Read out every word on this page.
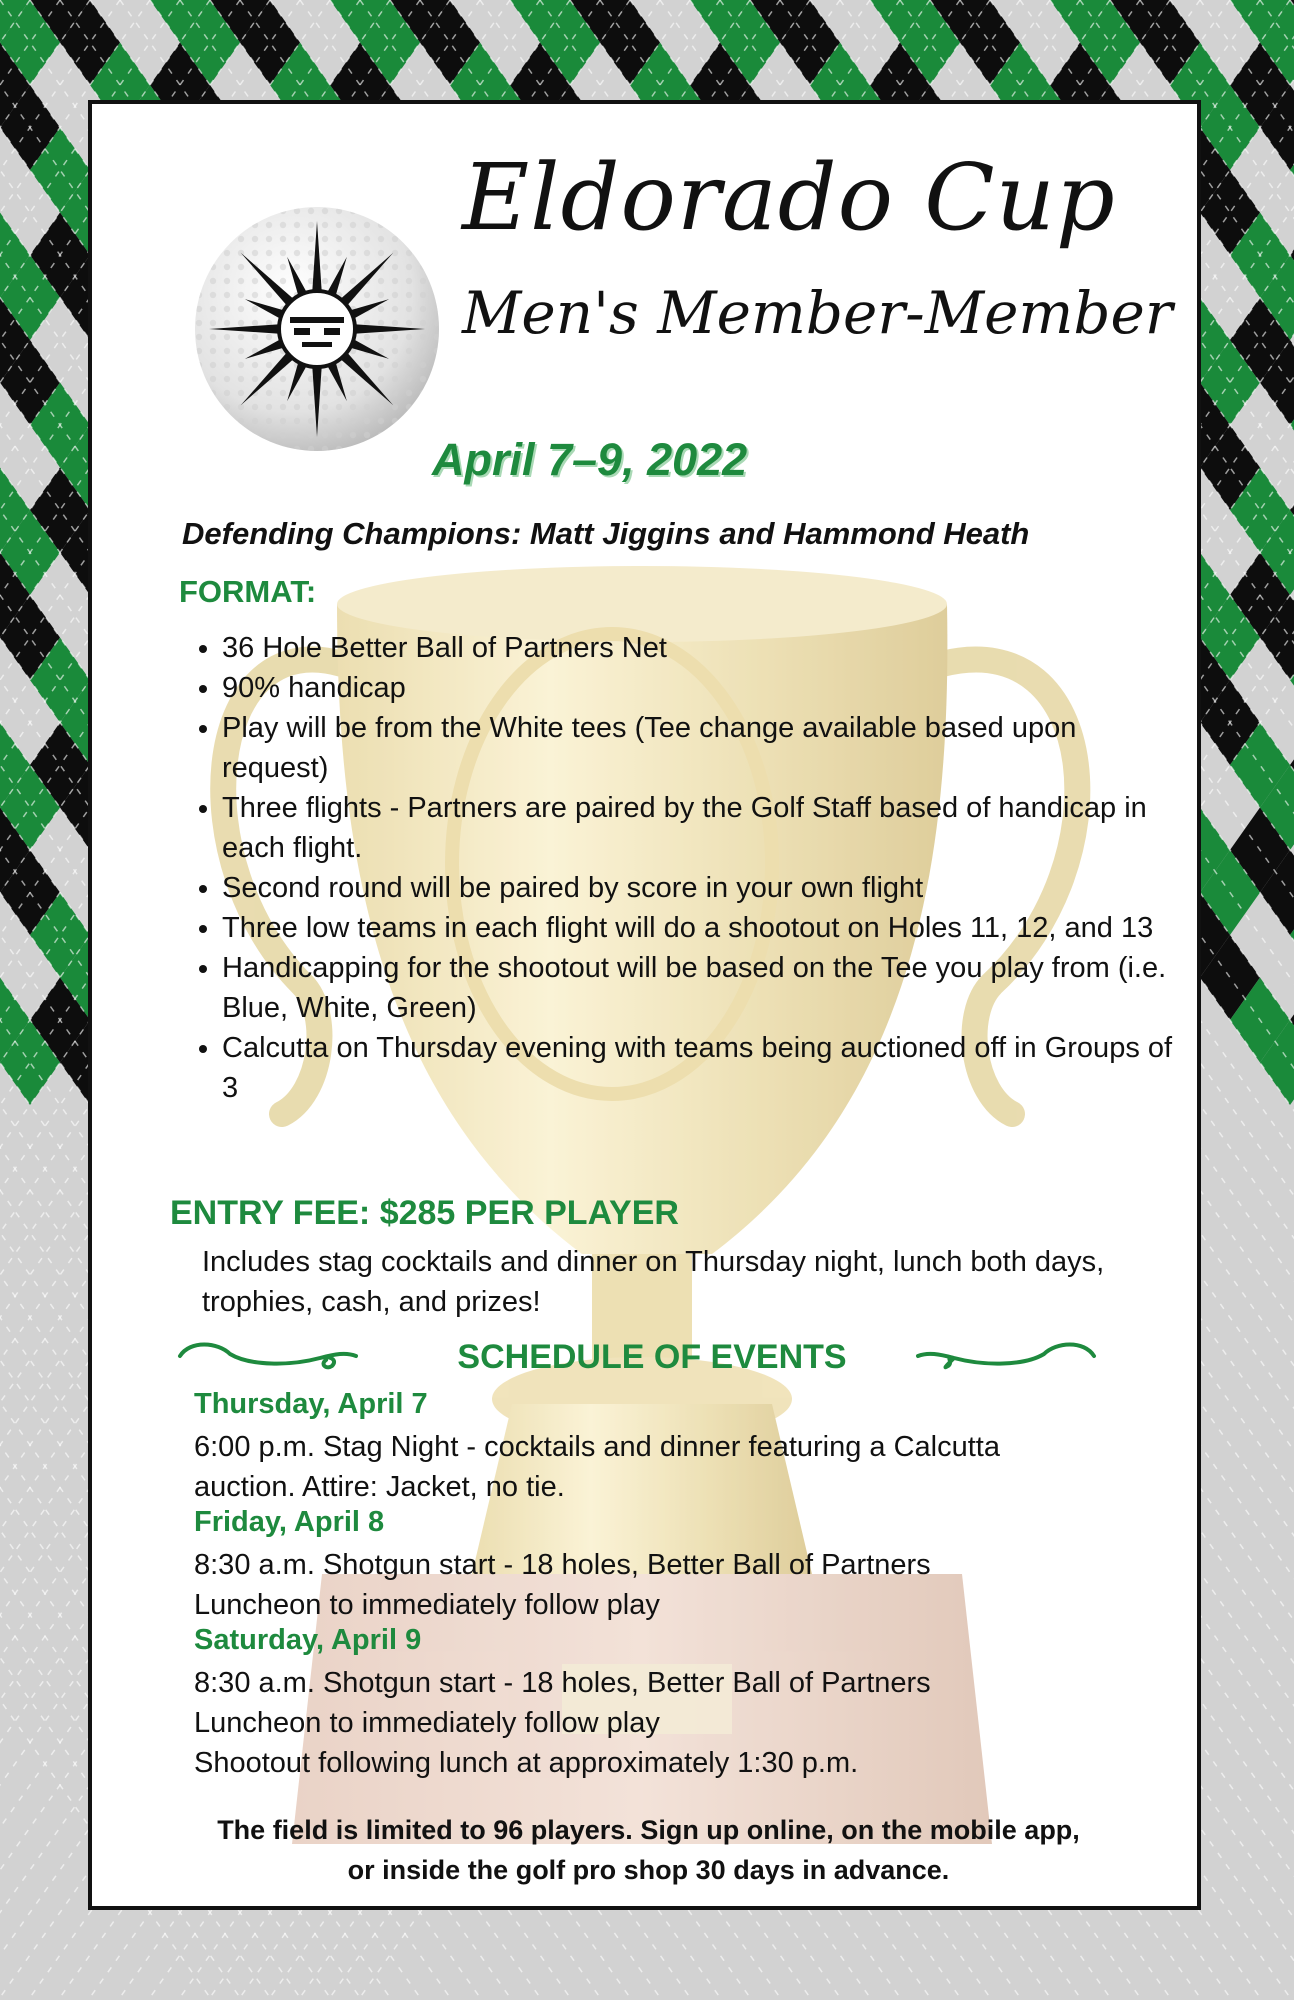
Eldorado Cup
Men's Member-Member
April 7–9, 2022
Defending Champions: Matt Jiggins and Hammond Heath
FORMAT:
• 36 Hole Better Ball of Partners Net
• 90% handicap
• Play will be from the White tees (Tee change available based upon request)
• Three flights - Partners are paired by the Golf Staff based of handicap in each flight.
• Second round will be paired by score in your own flight
• Three low teams in each flight will do a shootout on Holes 11, 12, and 13
• Handicapping for the shootout will be based on the Tee you play from (i.e. Blue, White, Green)
• Calcutta on Thursday evening with teams being auctioned off in Groups of 3
ENTRY FEE: $285 PER PLAYER
Includes stag cocktails and dinner on Thursday night, lunch both days, trophies, cash, and prizes!
SCHEDULE OF EVENTS
Thursday, April 7
6:00 p.m. Stag Night - cocktails and dinner featuring a Calcutta
auction. Attire: Jacket, no tie.
Friday, April 8
8:30 a.m. Shotgun start - 18 holes, Better Ball of Partners
Luncheon to immediately follow play
Saturday, April 9
8:30 a.m. Shotgun start - 18 holes, Better Ball of Partners
Luncheon to immediately follow play
Shootout following lunch at approximately 1:30 p.m.
The field is limited to 96 players. Sign up online, on the mobile app,
or inside the golf pro shop 30 days in advance.
